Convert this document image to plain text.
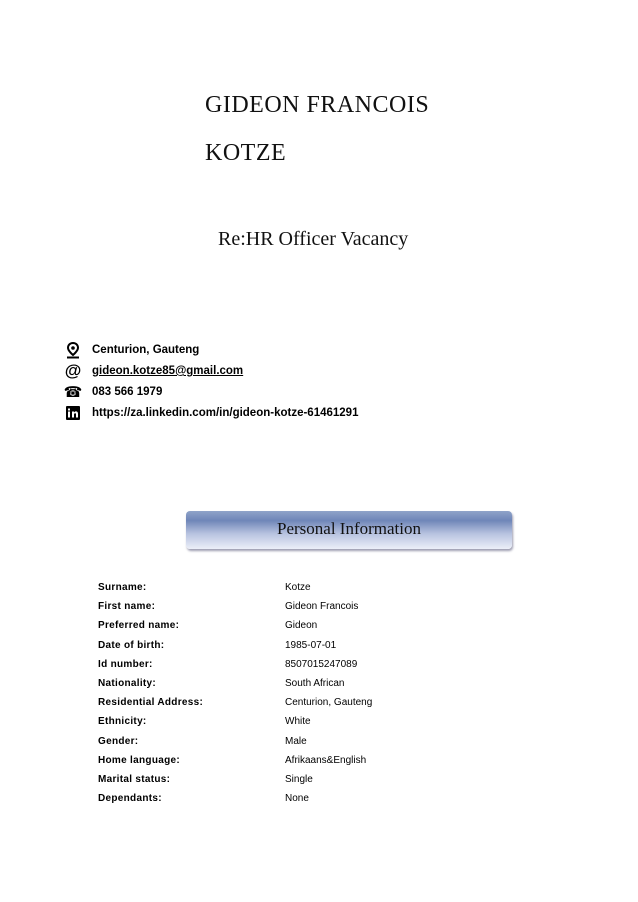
GIDEON FRANCOIS
KOTZE
Re:HR Officer Vacancy
Centurion, Gauteng
@ gideon.kotze85@gmail.com
☎ 083 566 1979
https://za.linkedin.com/in/gideon-kotze-61461291
Personal Information
Surname:	Kotze
First name:	Gideon Francois
Preferred name:	Gideon
Date of birth:	1985-07-01
Id number:	8507015247089
Nationality:	South African
Residential Address:	Centurion, Gauteng
Ethnicity:	White
Gender:	Male
Home language:	Afrikaans&English
Marital status:	Single
Dependants:	None
